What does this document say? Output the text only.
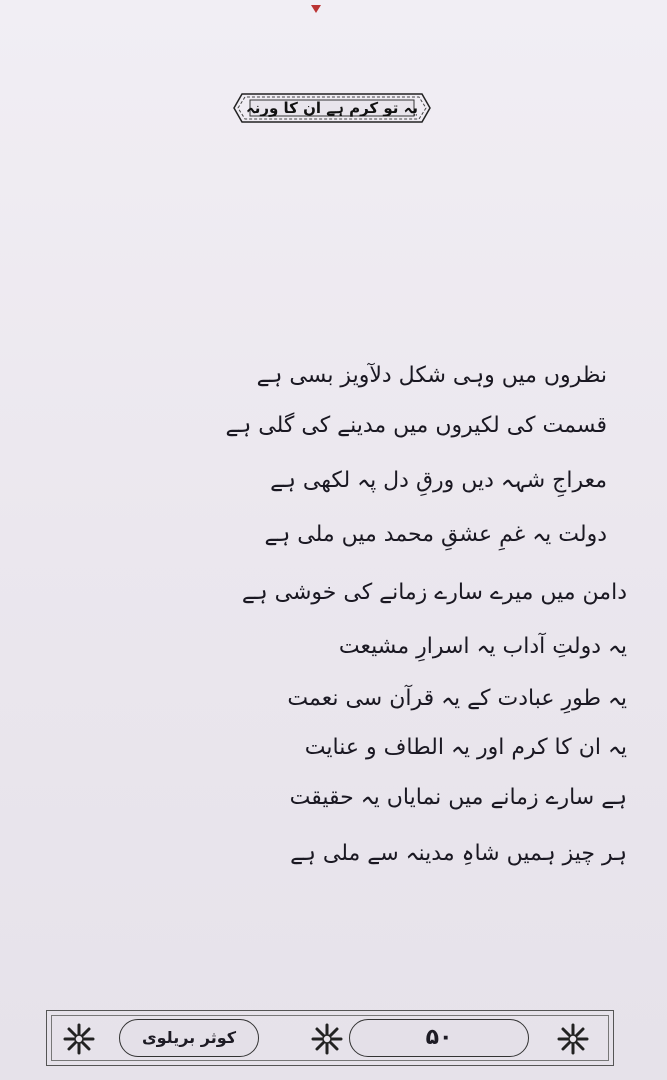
یہ تو کرم ہے ان کا ورنہ
نظروں میں وہی شکل دلآویز بسی ہے
قسمت کی لکیروں میں مدینے کی گلی ہے
معراجِ شہہ دیں ورقِ دل پہ لکھی ہے
دولت یہ غمِ عشقِ محمد میں ملی ہے
دامن میں میرے سارے زمانے کی خوشی ہے
یہ دولتِ آداب یہ اسرارِ مشیعت
یہ طورِ عبادت کے یہ قرآن سی نعمت
یہ ان کا کرم اور یہ الطاف و عنایت
ہے سارے زمانے میں نمایاں یہ حقیقت
ہر چیز ہمیں شاہِ مدینہ سے ملی ہے
کوثر بریلوی	۵۰
